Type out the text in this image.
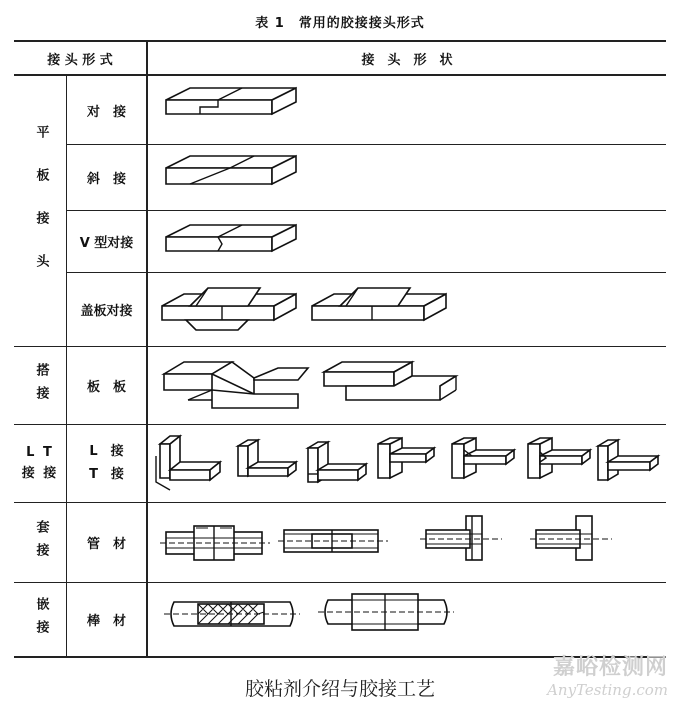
表 1　常用的胶接接头形式
接 头 形 式	接　头　形　状
平板接头
搭接
L T
接 接
套接
嵌接
对　接
斜　接
V 型对接
盖板对接
板　板
L　接
T　接
管　材
棒　材
胶粘剂介绍与胶接工艺
嘉峪检测网
AnyTesting.com
